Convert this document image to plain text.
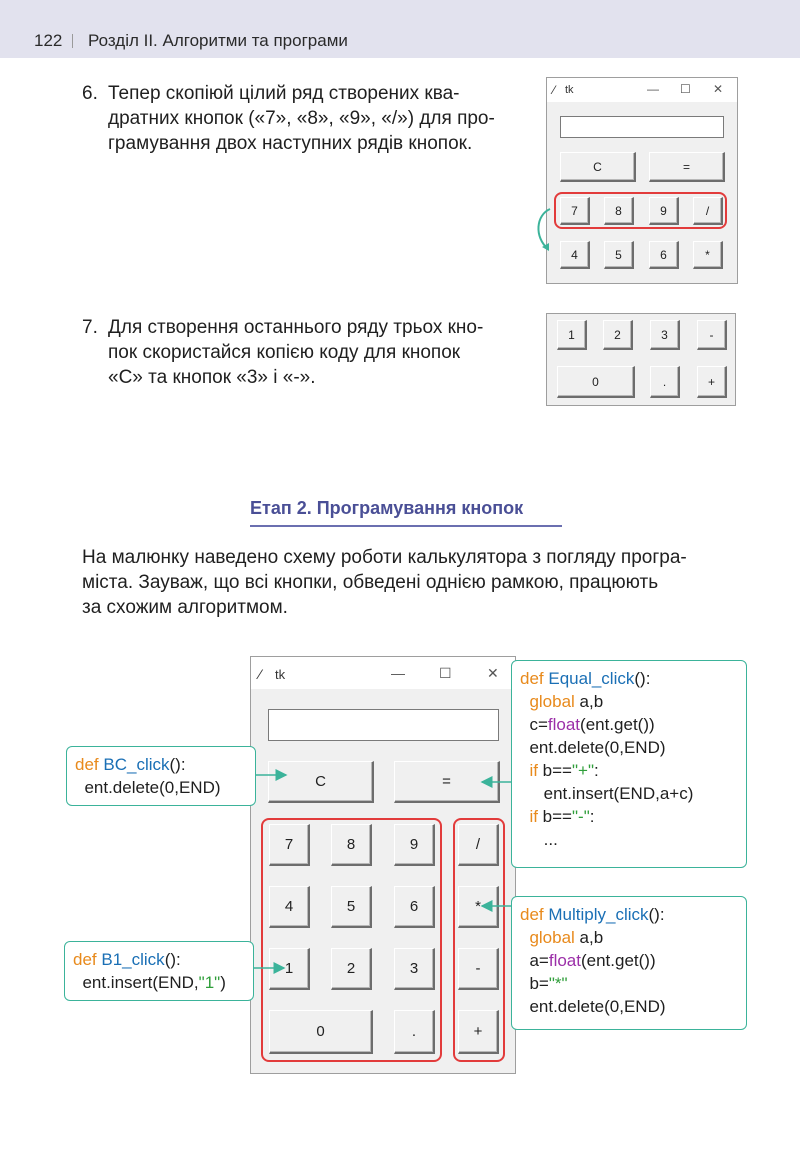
122 Розділ II. Алгоритми та програми
6. Тепер скопіюй цілий ряд створених ква-
дратних кнопок («7», «8», «9», «/») для про-
грамування двох наступних рядів кнопок.
⁄ tk	— ☐ ✕
C	=
7	8	9	/
4	5	6	*
7. Для створення останнього ряду трьох кно-
пок скористайся копією коду для кнопок
«С» та кнопок «3» і «-».
1	2	3	-
0	.	+
Етап 2. Програмування кнопок
На малюнку наведено схему роботи калькулятора з погляду програ-
міста. Зауваж, що всі кнопки, обведені однією рамкою, працюють
за схожим алгоритмом.
⁄ tk	— ☐	✕
C	=
7	8	9	/
4	5	6	*
1	2	3	-
0	.	+
def BC_click():
ent.delete(0,END)
def B1_click():
ent.insert(END,"1")
def Equal_click():
global a,b
c=float(ent.get())
ent.delete(0,END)
if b=="+":
ent.insert(END,a+c)
if b=="-":
...
def Multiply_click():
global a,b
a=float(ent.get())
b="*"
ent.delete(0,END)
